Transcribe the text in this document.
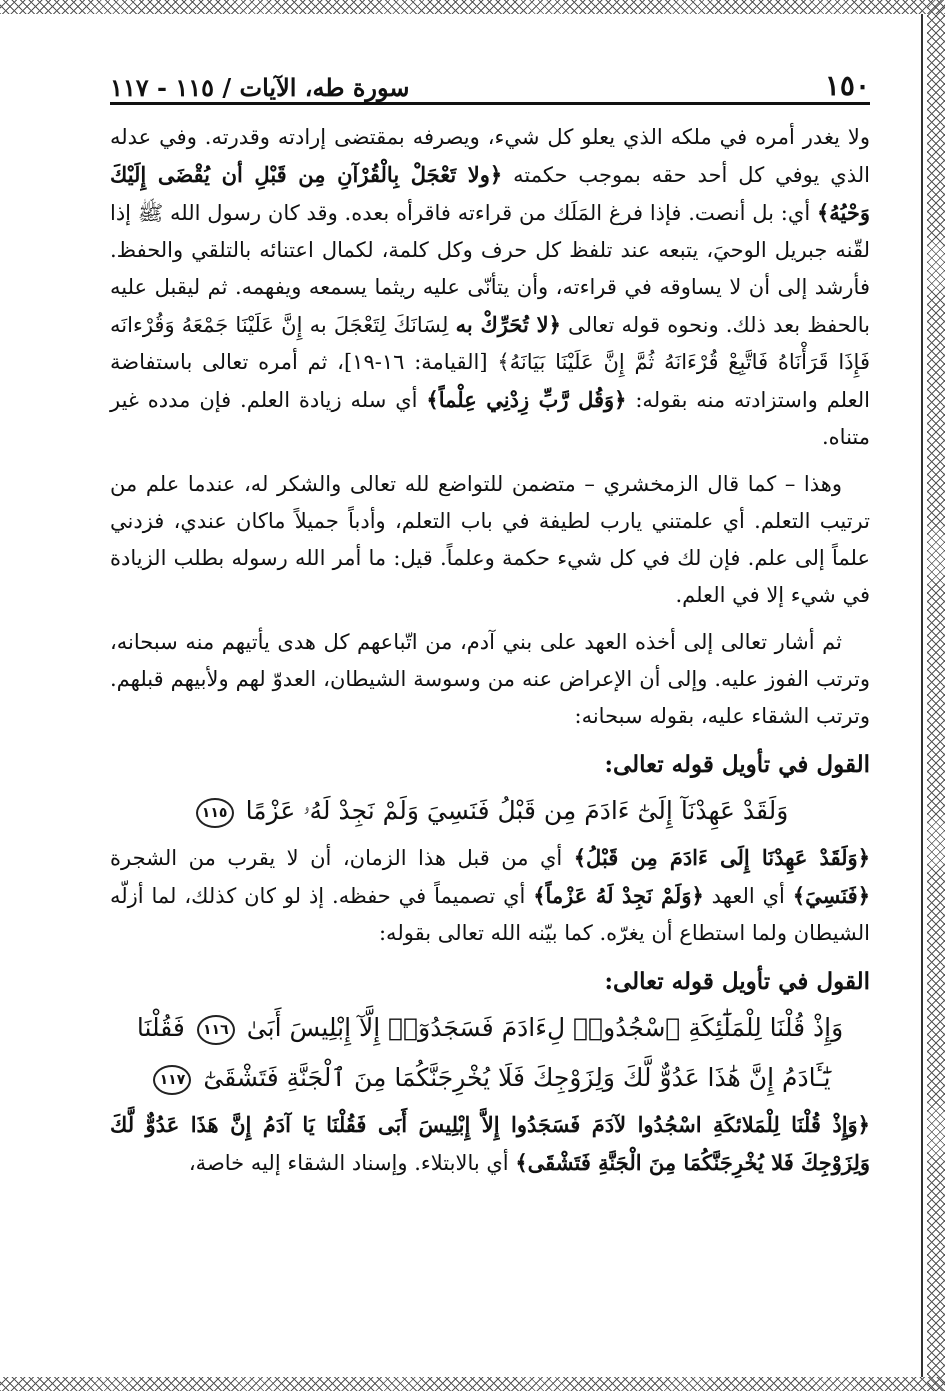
١٥٠
سورة طه، الآيات / ١١٥ - ١١٧

ولا يغدر أمره في ملكه الذي يعلو كل شيء، ويصرفه بمقتضى إرادته وقدرته. وفي عدله الذي يوفي كل أحد حقه بموجب حكمته ﴿ولا تَعْجَلْ بِالْقُرْآنِ مِن قَبْلِ أن يُقْضَى إِلَيْكَ وَحْيُهُ﴾ أي: بل أنصت. فإذا فرغ المَلَك من قراءته فاقرأه بعده. وقد كان رسول الله ﷺ إذا لقّنه جبريل الوحيَ، يتبعه عند تلفظ كل حرف وكل كلمة، لكمال اعتنائه بالتلقي والحفظ. فأرشد إلى أن لا يساوقه في قراءته، وأن يتأنّى عليه ريثما يسمعه ويفهمه. ثم ليقبل عليه بالحفظ بعد ذلك. ونحوه قوله تعالى ﴿لا تُحَرِّكْ به لِسَانَكَ لِتَعْجَلَ به إِنَّ عَلَيْنَا جَمْعَهُ وَقُرْءانَه فَإِذَا قَرَأْنَاهُ فَاتَّبِعْ قُرْءَانَهُ ثُمَّ إِنَّ عَلَيْنَا بَيَانَهُ﴾ [القيامة: ١٦-١٩]، ثم أمره تعالى باستفاضة العلم واستزادته منه بقوله: ﴿وَقُل رَّبِّ زِدْنِي عِلْماً﴾ أي سله زيادة العلم. فإن مدده غير متناه.

وهذا – كما قال الزمخشري – متضمن للتواضع لله تعالى والشكر له، عندما علم من ترتيب التعلم. أي علمتني يارب لطيفة في باب التعلم، وأدباً جميلاً ماكان عندي، فزدني علماً إلى علم. فإن لك في كل شيء حكمة وعلماً. قيل: ما أمر الله رسوله بطلب الزيادة في شيء إلا في العلم.

ثم أشار تعالى إلى أخذه العهد على بني آدم، من اتّباعهم كل هدى يأتيهم منه سبحانه، وترتب الفوز عليه. وإلى أن الإعراض عنه من وسوسة الشيطان، العدوّ لهم ولأبيهم قبلهم. وترتب الشقاء عليه، بقوله سبحانه:

القول في تأويل قوله تعالى:
وَلَقَدْ عَهِدْنَآ إِلَىٰٓ ءَادَمَ مِن قَبْلُ فَنَسِيَ وَلَمْ نَجِدْ لَهُۥ عَزْمًا ١١٥

﴿وَلَقَدْ عَهِدْنَا إِلَى ءَادَمَ مِن قَبْلُ﴾ أي من قبل هذا الزمان، أن لا يقرب من الشجرة ﴿فَنَسِيَ﴾ أي العهد ﴿وَلَمْ نَجِدْ لَهُ عَزْماً﴾ أي تصميماً في حفظه. إذ لو كان كذلك، لما أزلّه الشيطان ولما استطاع أن يغرّه. كما بيّنه الله تعالى بقوله:

القول في تأويل قوله تعالى:
وَإِذْ قُلْنَا لِلْمَلَٰٓئِكَةِ ٱسْجُدُوا۟ لِءَادَمَ فَسَجَدُوٓا۟ إِلَّآ إِبْلِيسَ أَبَىٰ ١١٦ فَقُلْنَا
يَٰٓـَٔادَمُ إِنَّ هَٰذَا عَدُوٌّ لَّكَ وَلِزَوْجِكَ فَلَا يُخْرِجَنَّكُمَا مِنَ ٱلْجَنَّةِ فَتَشْقَىٰٓ ١١٧

﴿وَإِذْ قُلْنَا لِلْمَلائكَةِ اسْجُدُوا لآدَمَ فَسَجَدُوا إِلاَّ إِبْلِيسَ أَبَى فَقُلْنَا يَا آدَمُ إِنَّ هَذَا عَدُوٌّ لَّكَ وَلِزَوْجِكَ فَلا يُخْرِجَنَّكُمَا مِنَ الْجَنَّةِ فَتَشْقَى﴾ أي بالابتلاء. وإسناد الشقاء إليه خاصة،
